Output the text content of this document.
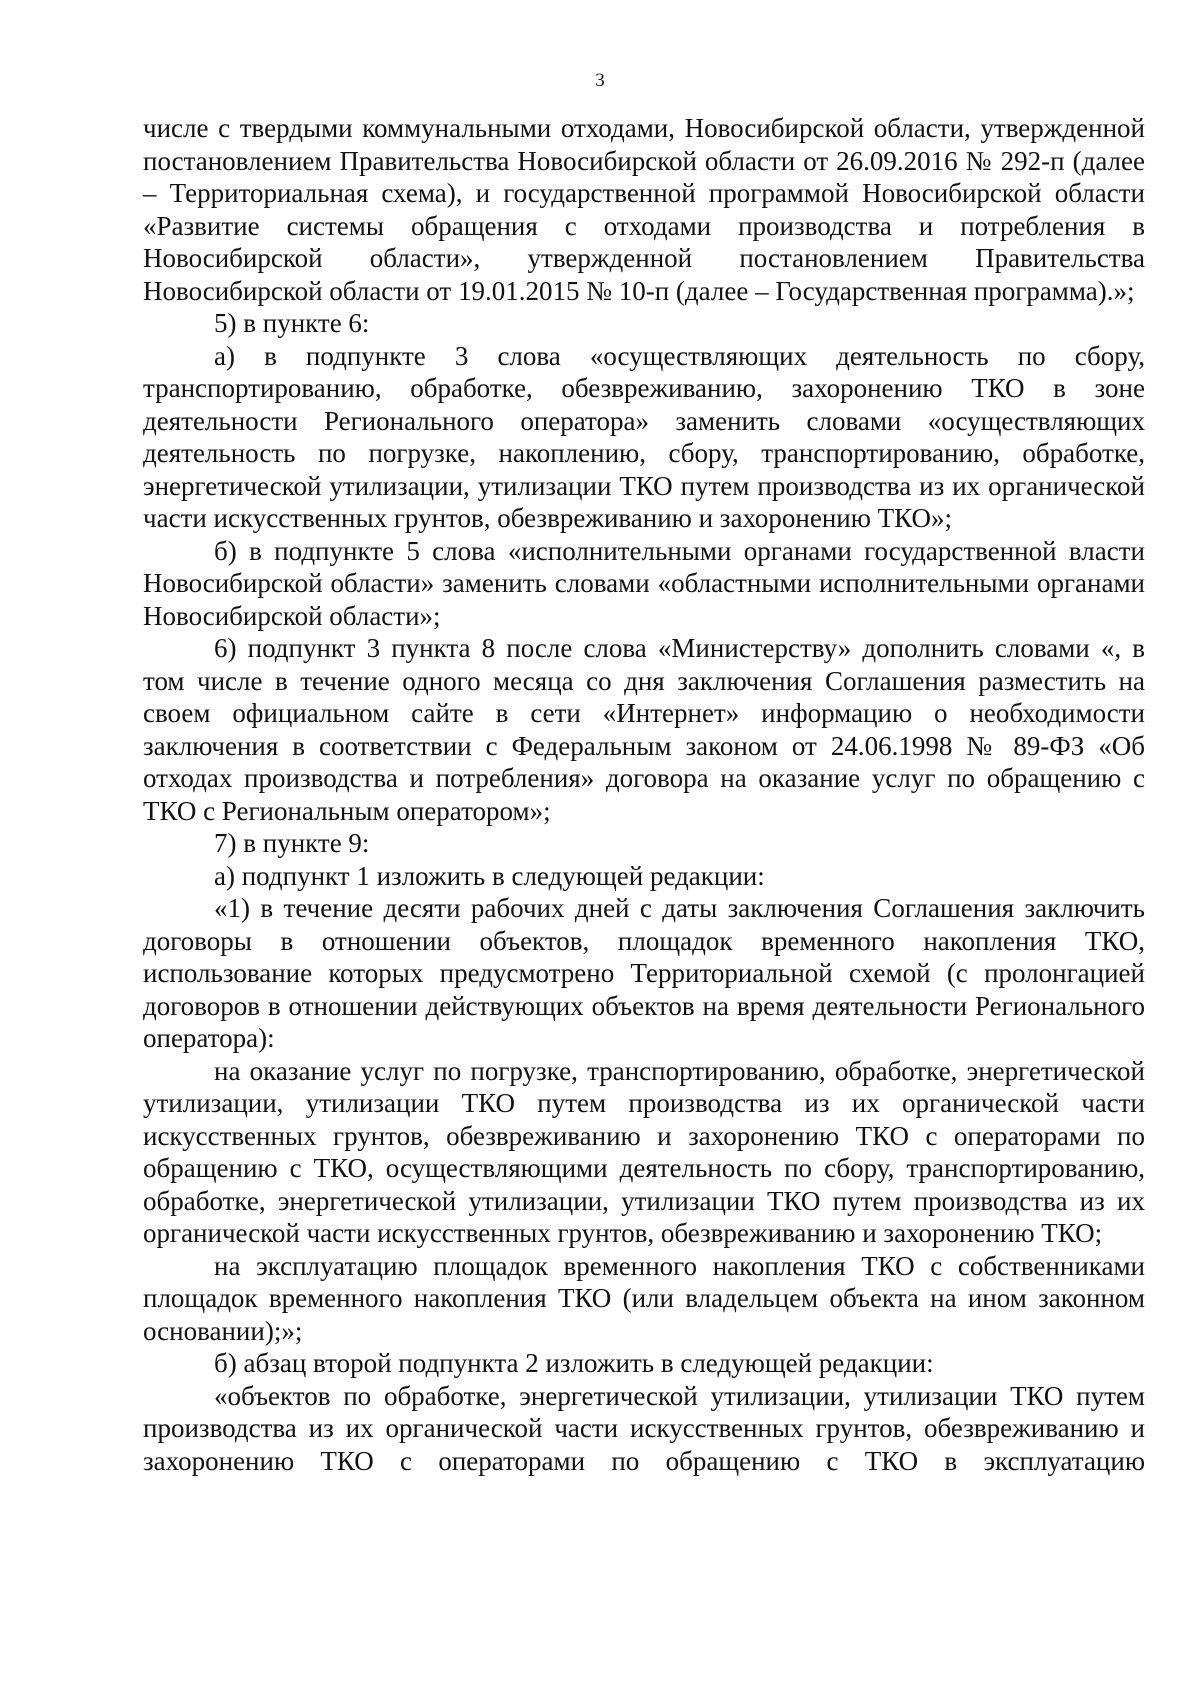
3

числе с твердыми коммунальными отходами, Новосибирской области, утвержденной постановлением Правительства Новосибирской области от 26.09.2016 № 292-п (далее – Территориальная схема), и государственной программой Новосибирской области «Развитие системы обращения с отходами производства и потребления в Новосибирской области», утвержденной постановлением Правительства Новосибирской области от 19.01.2015 № 10-п (далее – Государственная программа).»;

5) в пункте 6:

а) в подпункте 3 слова «осуществляющих деятельность по сбору, транспортированию, обработке, обезвреживанию, захоронению ТКО в зоне деятельности Регионального оператора» заменить словами «осуществляющих деятельность по погрузке, накоплению, сбору, транспортированию, обработке, энергетической утилизации, утилизации ТКО путем производства из их органической части искусственных грунтов, обезвреживанию и захоронению ТКО»;

б) в подпункте 5 слова «исполнительными органами государственной власти Новосибирской области» заменить словами «областными исполнительными органами Новосибирской области»;

6) подпункт 3 пункта 8 после слова «Министерству» дополнить словами «, в том числе в течение одного месяца со дня заключения Соглашения разместить на своем официальном сайте в сети «Интернет» информацию о необходимости заключения в соответствии с Федеральным законом от 24.06.1998 № 89-ФЗ «Об отходах производства и потребления» договора на оказание услуг по обращению с ТКО с Региональным оператором»;

7) в пункте 9:

а) подпункт 1 изложить в следующей редакции:

«1) в течение десяти рабочих дней с даты заключения Соглашения заключить договоры в отношении объектов, площадок временного накопления ТКО, использование которых предусмотрено Территориальной схемой (с пролонгацией договоров в отношении действующих объектов на время деятельности Регионального оператора):

на оказание услуг по погрузке, транспортированию, обработке, энергетической утилизации, утилизации ТКО путем производства из их органической части искусственных грунтов, обезвреживанию и захоронению ТКО с операторами по обращению с ТКО, осуществляющими деятельность по сбору, транспортированию, обработке, энергетической утилизации, утилизации ТКО путем производства из их органической части искусственных грунтов, обезвреживанию и захоронению ТКО;

на эксплуатацию площадок временного накопления ТКО с собственниками площадок временного накопления ТКО (или владельцем объекта на ином законном основании);»;

б) абзац второй подпункта 2 изложить в следующей редакции:

«объектов по обработке, энергетической утилизации, утилизации ТКО путем производства из их органической части искусственных грунтов, обезвреживанию и захоронению ТКО с операторами по обращению с ТКО в эксплуатацию
